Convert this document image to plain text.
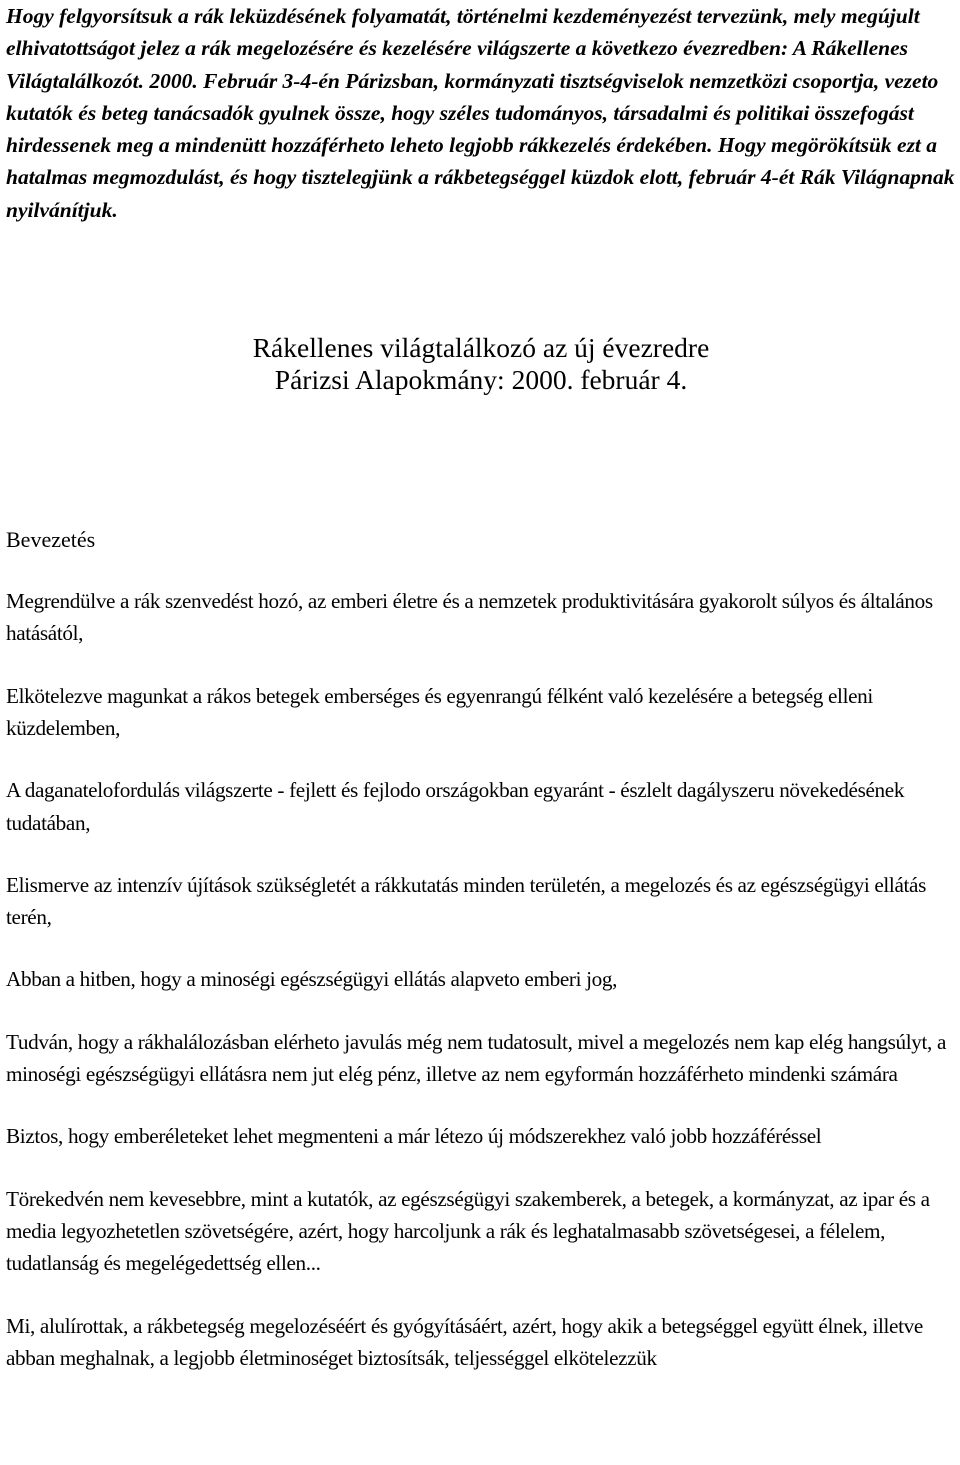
Hogy felgyorsítsuk a rák leküzdésének folyamatát, történelmi kezdeményezést tervezünk, mely megújult elhivatottságot jelez a rák megelozésére és kezelésére világszerte a következo évezredben: A Rákellenes Világtalálkozót. 2000. Február 3-4-én Párizsban, kormányzati tisztségviselok nemzetközi csoportja, vezeto kutatók és beteg tanácsadók gyulnek össze, hogy széles tudományos, társadalmi és politikai összefogást hirdessenek meg a mindenütt hozzáférheto leheto legjobb rákkezelés érdekében. Hogy megörökítsük ezt a hatalmas megmozdulást, és hogy tisztelegjünk a rákbetegséggel küzdok elott, február 4-ét Rák Világnapnak nyilvánítjuk.

Rákellenes világtalálkozó az új évezredre
Párizsi Alapokmány: 2000. február 4.
Bevezetés

Megrendülve a rák szenvedést hozó, az emberi életre és a nemzetek produktivitására gyakorolt súlyos és általános hatásától,

Elkötelezve magunkat a rákos betegek emberséges és egyenrangú félként való kezelésére a betegség elleni küzdelemben,

A daganatelofordulás világszerte - fejlett és fejlodo országokban egyaránt - észlelt dagályszeru növekedésének tudatában,

Elismerve az intenzív újítások szükségletét a rákkutatás minden területén, a megelozés és az egészségügyi ellátás terén,

Abban a hitben, hogy a minoségi egészségügyi ellátás alapveto emberi jog,

Tudván, hogy a rákhalálozásban elérheto javulás még nem tudatosult, mivel a megelozés nem kap elég hangsúlyt, a minoségi egészségügyi ellátásra nem jut elég pénz, illetve az nem egyformán hozzáférheto mindenki számára

Biztos, hogy emberéleteket lehet megmenteni a már létezo új módszerekhez való jobb hozzáféréssel

Törekedvén nem kevesebbre, mint a kutatók, az egészségügyi szakemberek, a betegek, a kormányzat, az ipar és a media legyozhetetlen szövetségére, azért, hogy harcoljunk a rák és leghatalmasabb szövetségesei, a félelem, tudatlanság és megelégedettség ellen...

Mi, alulírottak, a rákbetegség megelozéséért és gyógyításáért, azért, hogy akik a betegséggel együtt élnek, illetve abban meghalnak, a legjobb életminoséget biztosítsák, teljességgel elkötelezzük
